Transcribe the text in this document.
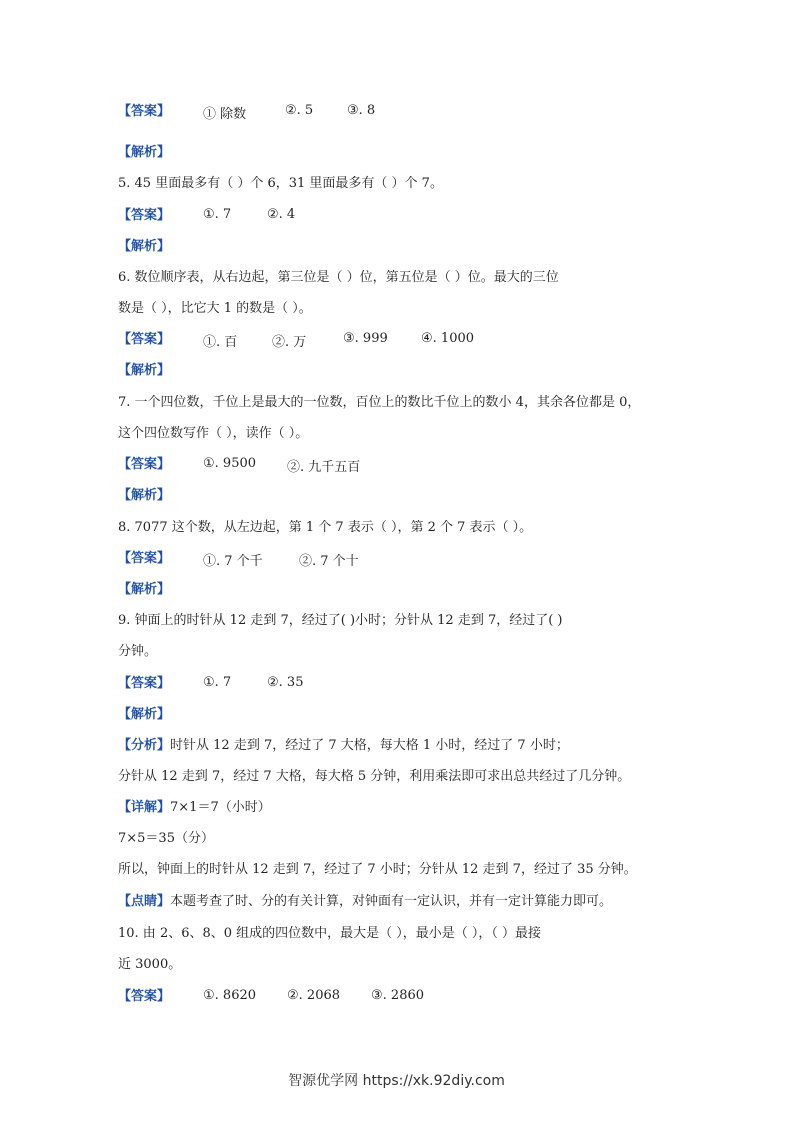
【答案】	① 除数	②. 5	③. 8
【解析】
5. 45 里面最多有（ ）个 6，31 里面最多有（ ）个 7。
【答案】	①. 7	②. 4
【解析】
6. 数位顺序表，从右边起，第三位是（ ）位，第五位是（ ）位。最大的三位
数是（ ），比它大 1 的数是（ ）。
【答案】	①. 百	②. 万	③. 999	④. 1000
【解析】
7. 一个四位数，千位上是最大的一位数，百位上的数比千位上的数小 4，其余各位都是 0，
这个四位数写作（ ），读作（ ）。
【答案】	①. 9500 ②. 九千五百
【解析】
8. 7077 这个数，从左边起，第 1 个 7 表示（ ），第 2 个 7 表示（ ）。
【答案】	①. 7 个千	②. 7 个十
【解析】
9. 钟面上的时针从 12 走到 7，经过了( )小时；分针从 12 走到 7，经过了( )
分钟。
【答案】	①. 7	②. 35
【解析】
【分析】时针从 12 走到 7，经过了 7 大格，每大格 1 小时，经过了 7 小时；
分针从 12 走到 7，经过 7 大格，每大格 5 分钟，利用乘法即可求出总共经过了几分钟。
【详解】7×1＝7（小时）
7×5＝35（分）
所以，钟面上的时针从 12 走到 7，经过了 7 小时；分针从 12 走到 7，经过了 35 分钟。
【点睛】本题考查了时、分的有关计算，对钟面有一定认识，并有一定计算能力即可。
10. 由 2、6、8、0 组成的四位数中，最大是（ ），最小是（ ），（ ）最接
近 3000。
【答案】	①. 8620 ②. 2068 ③. 2860
智源优学网 https://xk.92diy.com
